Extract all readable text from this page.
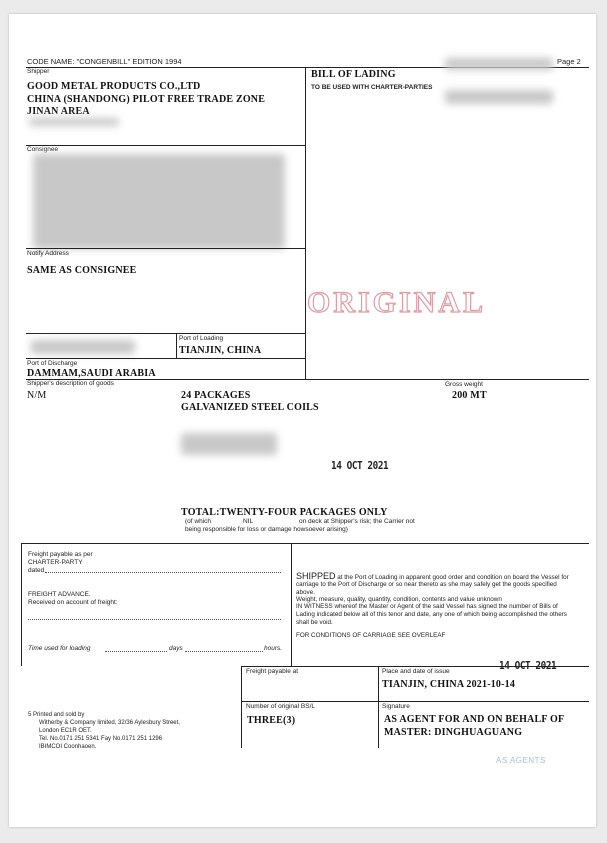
CODE NAME: "CONGENBILL" EDITION 1994	Page 2
Shipper
GOOD METAL PRODUCTS CO.,LTD
CHINA (SHANDONG) PILOT FREE TRADE ZONE
JINAN AREA
BILL OF LADING
TO BE USED WITH CHARTER-PARTIES
Consignee
Notify Address
SAME AS CONSIGNEE
ORIGINAL
Port of Loading
TIANJIN, CHINA
Port of Discharge
DAMMAM,SAUDI ARABIA
Shipper's description of goods	Gross weight
N/M	24 PACKAGES
GALVANIZED STEEL COILS
200 MT
14 OCT 2021
TOTAL:TWENTY-FOUR PACKAGES ONLY
(of which	NIL	on deck at Shipper's risk; the Carrier not
being responsible for loss or damage howsoever arising)
Freight payable as per
CHARTER-PARTY
dated
FREIGHT ADVANCE.
Received on account of freight:
Time used for loading	days	hours.
SHIPPED at the Port of Loading in apparent good order and condition on board the Vessel for
carriage to the Port of Discharge or so near thereto as she may safely get the goods specified
above.
Weight, measure, quality, quantity, condition, contents and value unknown
IN WITNESS whereof the Master or Agent of the said Vessel has signed the number of Bills of
Lading indicated below all of this tenor and date, any one of which being accomplished the others
shall be void.
FOR CONDITIONS OF CARRIAGE SEE OVERLEAF
Freight payable at	Place and date of issue
TIANJIN, CHINA 2021-10-14
14 OCT 2021
Number of original BS/L
THREE(3)
Signature
AS AGENT FOR AND ON BEHALF OF
MASTER: DINGHUAGUANG
AS AGENTS
5 Printed and sold by
Witherby & Company limited, 32/36 Aylesbury Street,
London EC1R OET.
Tel. No.0171 251 5341 Fay No.0171 251 1296
IBIMCOI Coonhaoen.
